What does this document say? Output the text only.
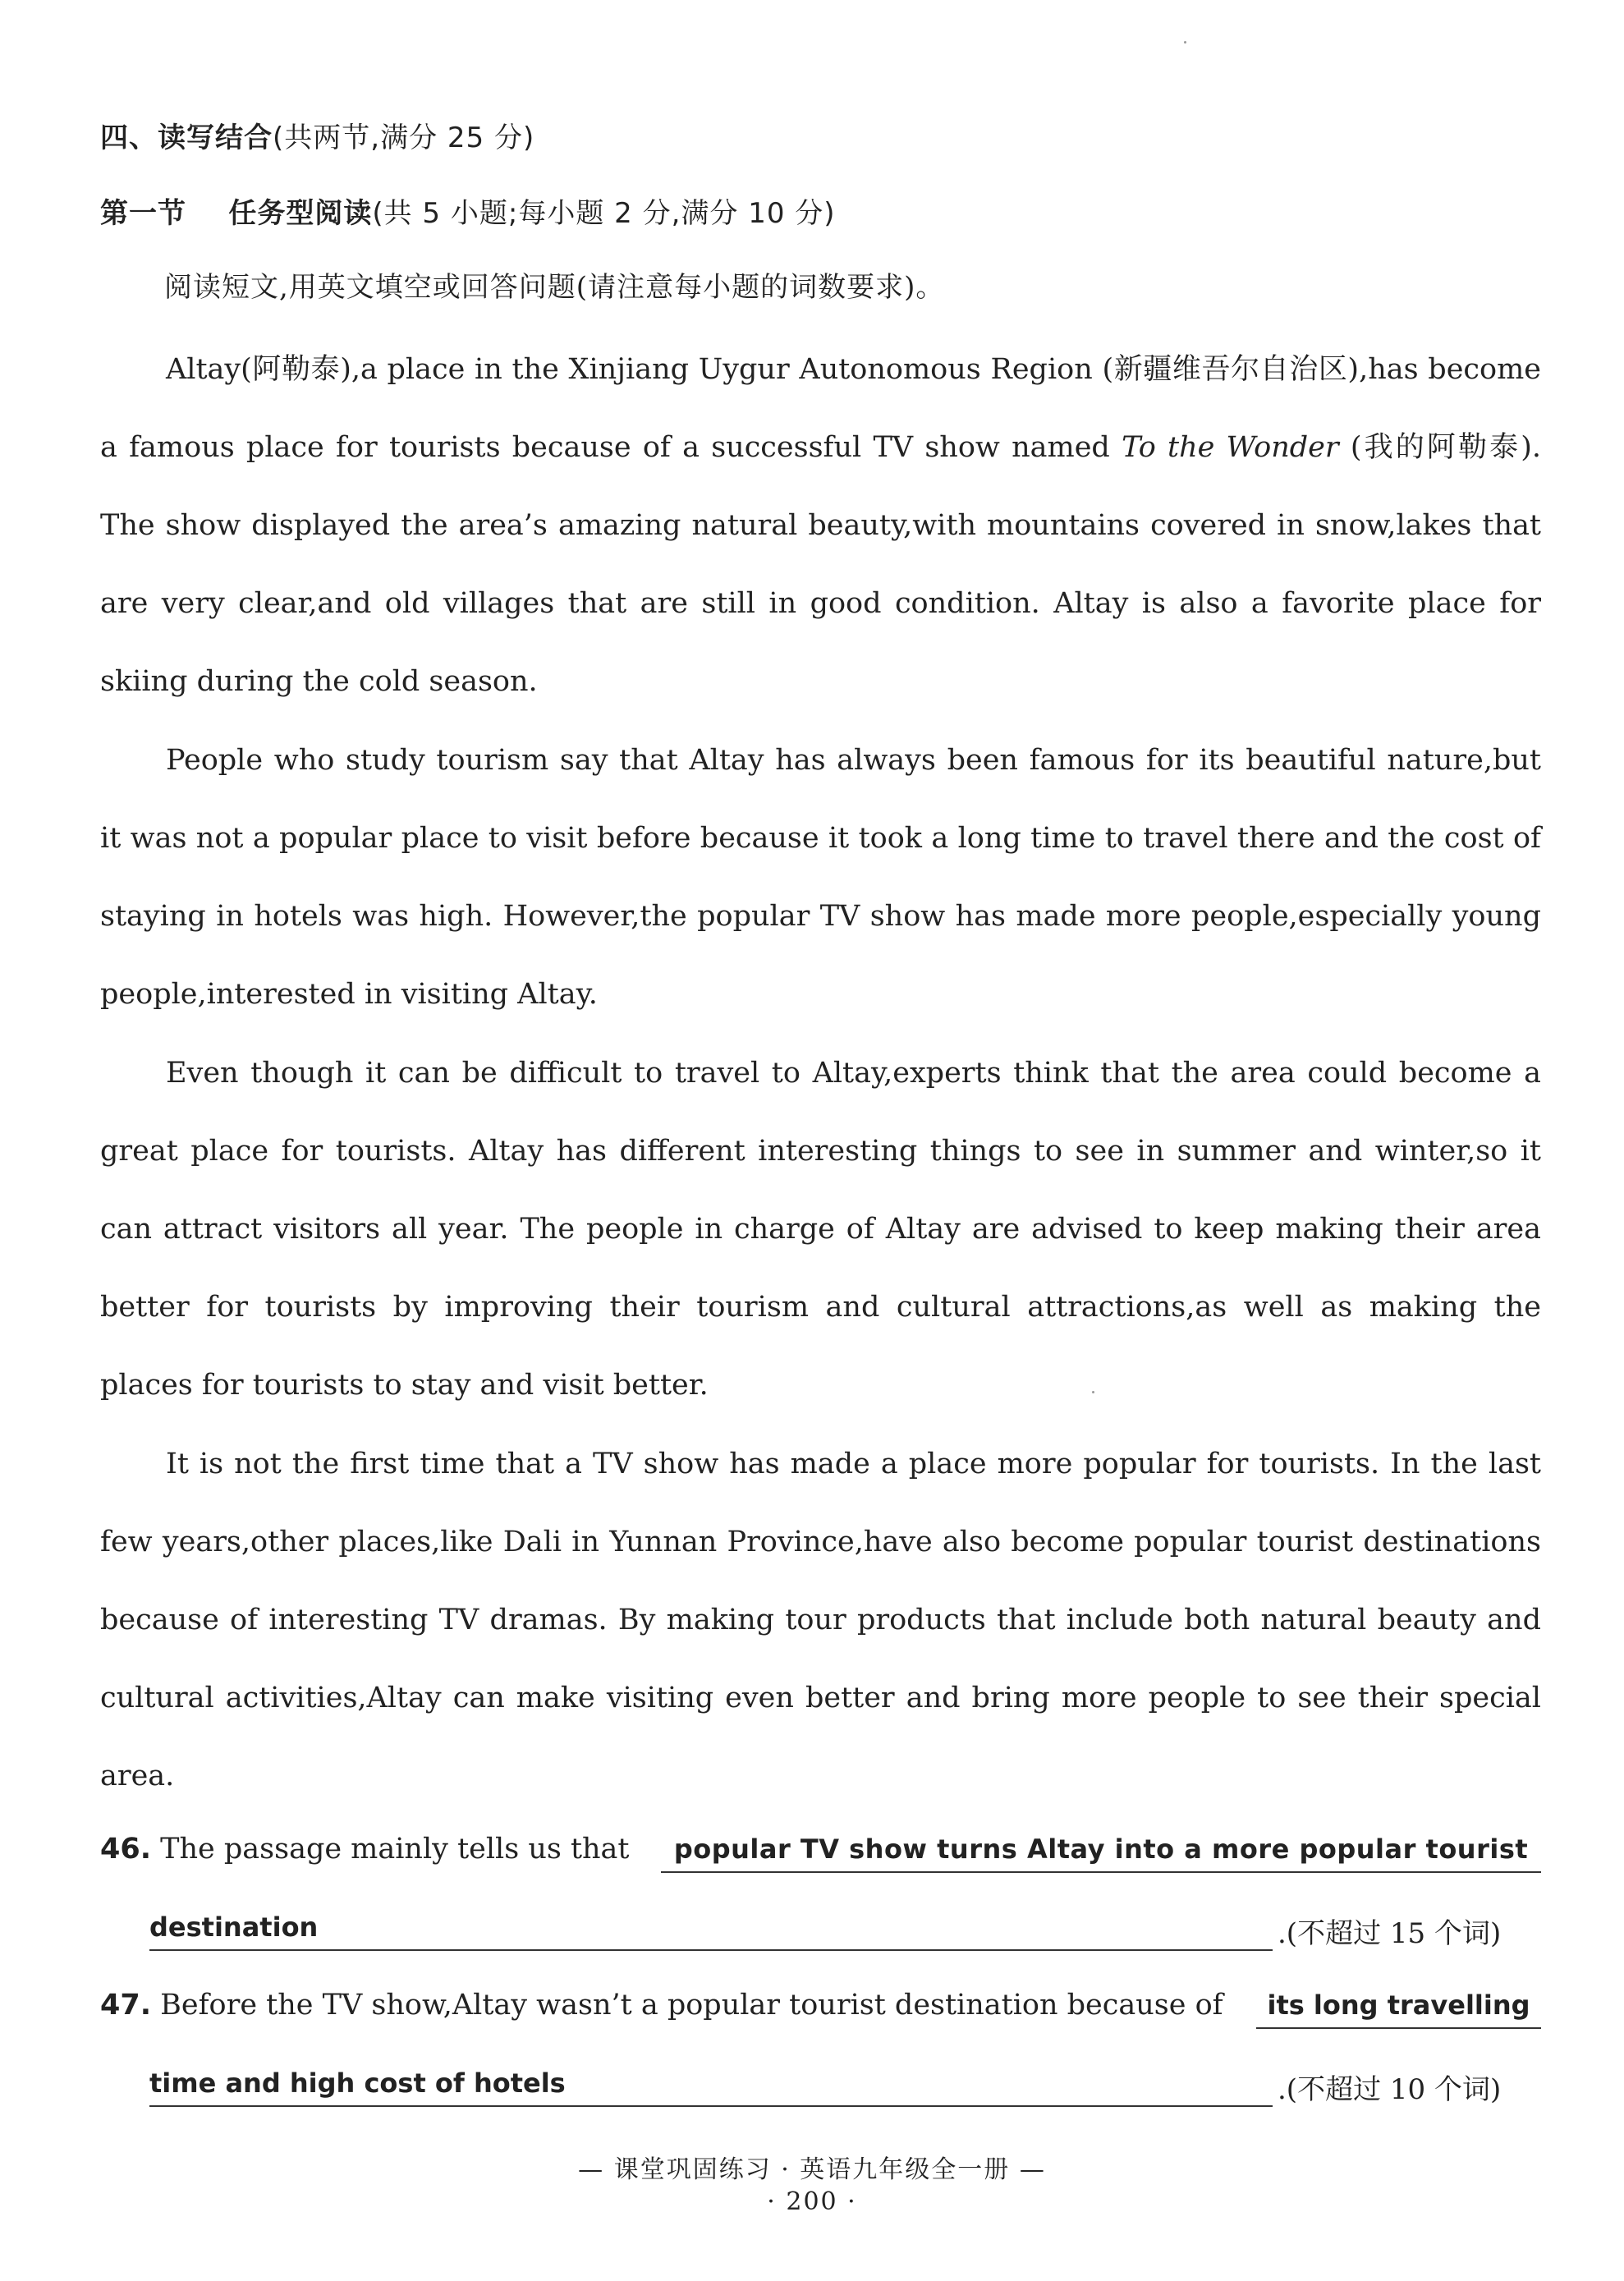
四、读写结合(共两节,满分 25 分)
第一节 任务型阅读(共 5 小题;每小题 2 分,满分 10 分)
阅读短文,用英文填空或回答问题(请注意每小题的词数要求)。

Altay(阿勒泰),a place in the Xinjiang Uygur Autonomous Region (新疆维吾尔自治区),has become a famous place for tourists because of a successful TV show named To the Wonder (我的阿勒泰). The show displayed the area’s amazing natural beauty,with mountains covered in snow,lakes that are very clear,and old villages that are still in good condition. Altay is also a favorite place for skiing during the cold season.

People who study tourism say that Altay has always been famous for its beautiful nature,but it was not a popular place to visit before because it took a long time to travel there and the cost of staying in hotels was high. However,the popular TV show has made more people,especially young people,interested in visiting Altay.

Even though it can be difficult to travel to Altay,experts think that the area could become a great place for tourists. Altay has different interesting things to see in summer and winter,so it can attract visitors all year. The people in charge of Altay are advised to keep making their area better for tourists by improving their tourism and cultural attractions,as well as making the places for tourists to stay and visit better.

It is not the first time that a TV show has made a place more popular for tourists. In the last few years,other places,like Dali in Yunnan Province,have also become popular tourist destinations because of interesting TV dramas. By making tour products that include both natural beauty and cultural activities,Altay can make visiting even better and bring more people to see their special area.

46. The passage mainly tells us that	popular TV show turns Altay into a more popular tourist
destination	.(不超过 15 个词)
47. Before the TV show,Altay wasn’t a popular tourist destination because of	its long travelling
time and high cost of hotels	.(不超过 10 个词)
— 课堂巩固练习 · 英语九年级全一册 —
· 200 ·
